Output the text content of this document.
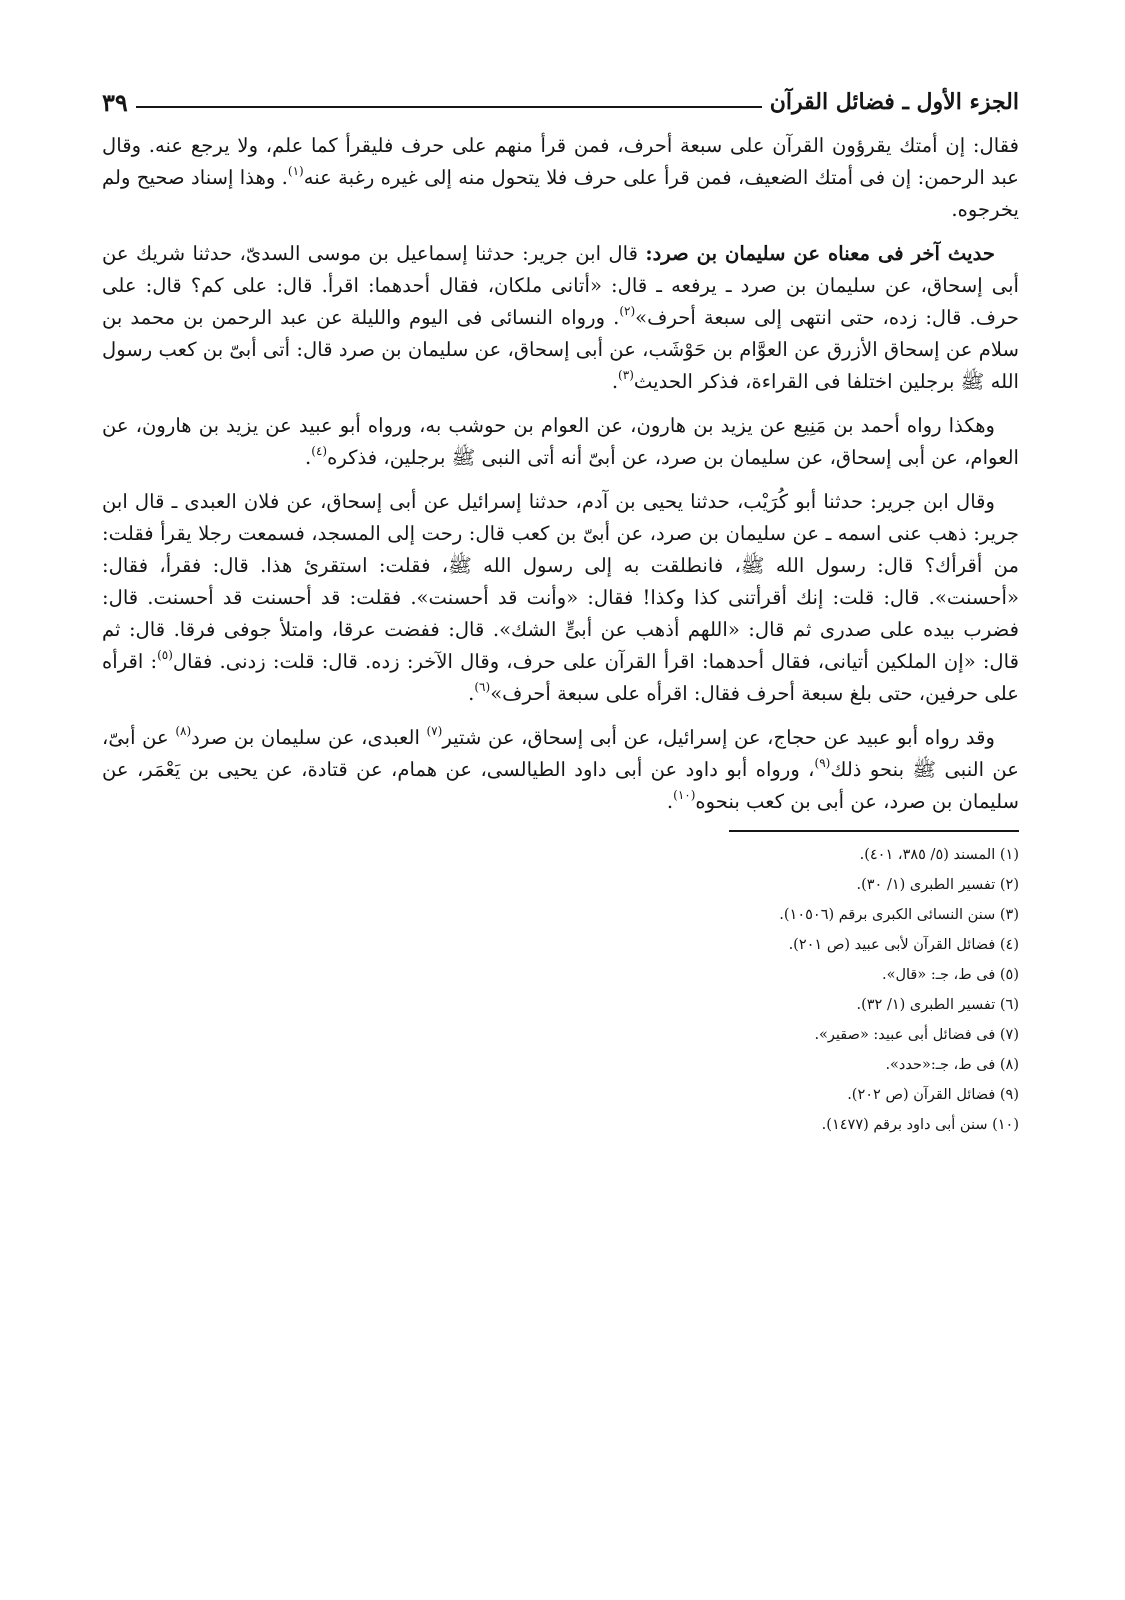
الجزء الأول ـ فضائل القرآن
٣٩

فقال: إن أمتك يقرؤون القرآن على سبعة أحرف، فمن قرأ منهم على حرف فليقرأ كما علم، ولا يرجع عنه. وقال عبد الرحمن: إن فى أمتك الضعيف، فمن قرأ على حرف فلا يتحول منه إلى غيره رغبة عنه$^{(١)}$. وهذا إسناد صحيح ولم يخرجوه.

حديث آخر فى معناه عن سليمان بن صرد: قال ابن جرير: حدثنا إسماعيل بن موسى السدىّ، حدثنا شريك عن أبى إسحاق، عن سليمان بن صرد ـ يرفعه ـ قال: «أتانى ملكان، فقال أحدهما: اقرأ. قال: على كم؟ قال: على حرف. قال: زده، حتى انتهى إلى سبعة أحرف»$^{(٢)}$. ورواه النسائى فى اليوم والليلة عن عبد الرحمن بن محمد بن سلام عن إسحاق الأزرق عن العوَّام بن حَوْشَب، عن أبى إسحاق، عن سليمان بن صرد قال: أتى أبىّ بن كعب رسول الله ﷺ برجلين اختلفا فى القراءة، فذكر الحديث$^{(٣)}$.

وهكذا رواه أحمد بن مَنِيع عن يزيد بن هارون، عن العوام بن حوشب به، ورواه أبو عبيد عن يزيد بن هارون، عن العوام، عن أبى إسحاق، عن سليمان بن صرد، عن أبىّ أنه أتى النبى ﷺ برجلين، فذكره$^{(٤)}$.

وقال ابن جرير: حدثنا أبو كُرَيْب، حدثنا يحيى بن آدم، حدثنا إسرائيل عن أبى إسحاق، عن فلان العبدى ـ قال ابن جرير: ذهب عنى اسمه ـ عن سليمان بن صرد، عن أبىّ بن كعب قال: رحت إلى المسجد، فسمعت رجلا يقرأ فقلت: من أقرأك؟ قال: رسول الله ﷺ، فانطلقت به إلى رسول الله ﷺ، فقلت: استقرئ هذا. قال: فقرأ، فقال: «أحسنت». قال: قلت: إنك أقرأتنى كذا وكذا! فقال: «وأنت قد أحسنت». فقلت: قد أحسنت قد أحسنت. قال: فضرب بيده على صدرى ثم قال: «اللهم أذهب عن أبىٍّ الشك». قال: ففضت عرقا، وامتلأ جوفى فرقا. قال: ثم قال: «إن الملكين أتيانى، فقال أحدهما: اقرأ القرآن على حرف، وقال الآخر: زده. قال: قلت: زدنى. فقال$^{(٥)}$: اقرأه على حرفين، حتى بلغ سبعة أحرف فقال: اقرأه على سبعة أحرف»$^{(٦)}$.

وقد رواه أبو عبيد عن حجاج، عن إسرائيل، عن أبى إسحاق، عن شتير$^{(٧)}$ العبدى، عن سليمان بن صرد$^{(٨)}$ عن أبىّ، عن النبى ﷺ بنحو ذلك$^{(٩)}$، ورواه أبو داود عن أبى داود الطيالسى، عن همام، عن قتادة، عن يحيى بن يَعْمَر، عن سليمان بن صرد، عن أبى بن كعب بنحوه$^{(١٠)}$.

(١) المسند (٥/ ٣٨٥، ٤٠١).
(٢) تفسير الطبرى (١/ ٣٠).
(٣) سنن النسائى الكبرى برقم (١٠٥٠٦).
(٤) فضائل القرآن لأبى عبيد (ص ٢٠١).
(٥) فى ط، جـ: «قال».
(٦) تفسير الطبرى (١/ ٣٢).
(٧) فى فضائل أبى عبيد: «صقير».
(٨) فى ط، جـ:«حدد».
(٩) فضائل القرآن (ص ٢٠٢).
(١٠) سنن أبى داود برقم (١٤٧٧).
